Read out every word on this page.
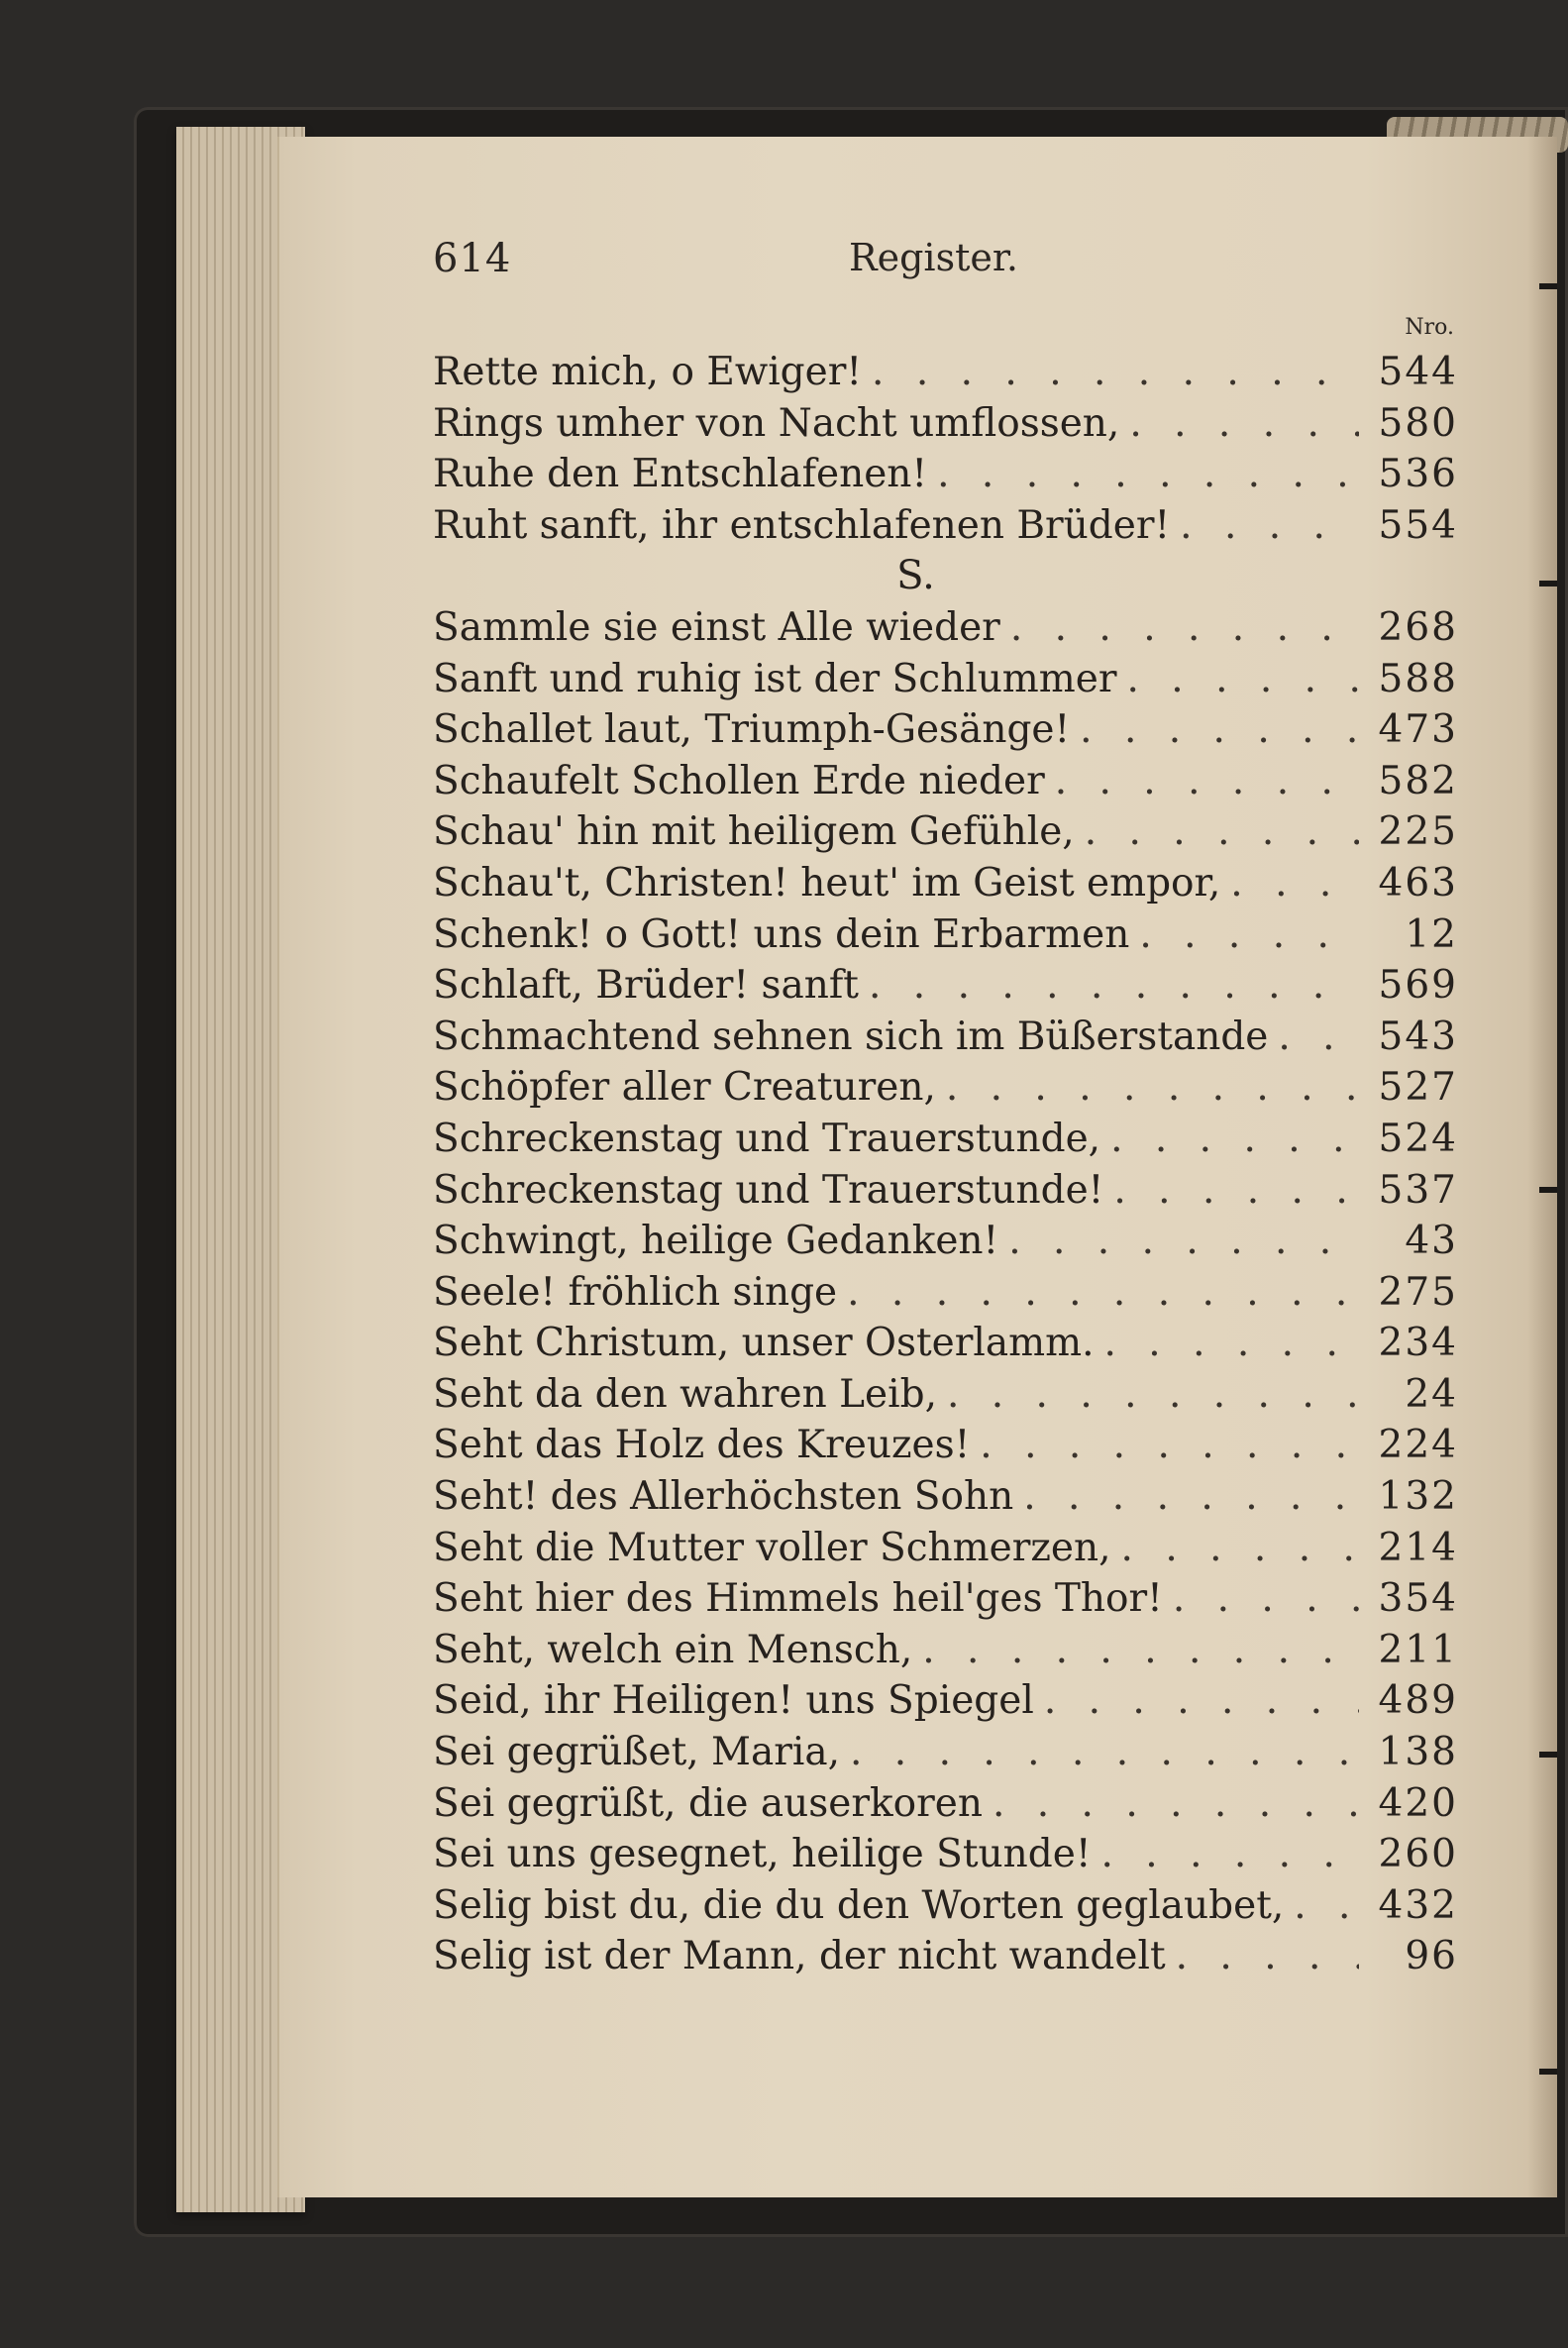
614	Register.
Nro.
Rette mich, o Ewiger! . . .	544
Rings umher von Nacht umflossen, . . .	580
Ruhe den Entschlafenen! . . .	536
Ruht sanft, ihr entschlafenen Brüder! . . .	554
S.
Sammle sie einst Alle wieder . . .	268
Sanft und ruhig ist der Schlummer . . .	588
Schallet laut, Triumph-Gesänge! . . .	473
Schaufelt Schollen Erde nieder . . .	582
Schau' hin mit heiligem Gefühle, . . .	225
Schau't, Christen! heut' im Geist empor, . . .	463
Schenk! o Gott! uns dein Erbarmen . . .	12
Schlaft, Brüder! sanft . . .	569
Schmachtend sehnen sich im Büßerstande . . .	543
Schöpfer aller Creaturen, . . .	527
Schreckenstag und Trauerstunde, . . .	524
Schreckenstag und Trauerstunde! . . .	537
Schwingt, heilige Gedanken! . . .	43
Seele! fröhlich singe . . .	275
Seht Christum, unser Osterlamm. . . .	234
Seht da den wahren Leib, . . .	24
Seht das Holz des Kreuzes! . . .	224
Seht! des Allerhöchsten Sohn . . .	132
Seht die Mutter voller Schmerzen, . . .	214
Seht hier des Himmels heil'ges Thor! . . .	354
Seht, welch ein Mensch, . . .	211
Seid, ihr Heiligen! uns Spiegel . . .	489
Sei gegrüßet, Maria, . . .	138
Sei gegrüßt, die auserkoren . . .	420
Sei uns gesegnet, heilige Stunde! . . .	260
Selig bist du, die du den Worten geglaubet, . . . 432
Selig ist der Mann, der nicht wandelt . . .	96
